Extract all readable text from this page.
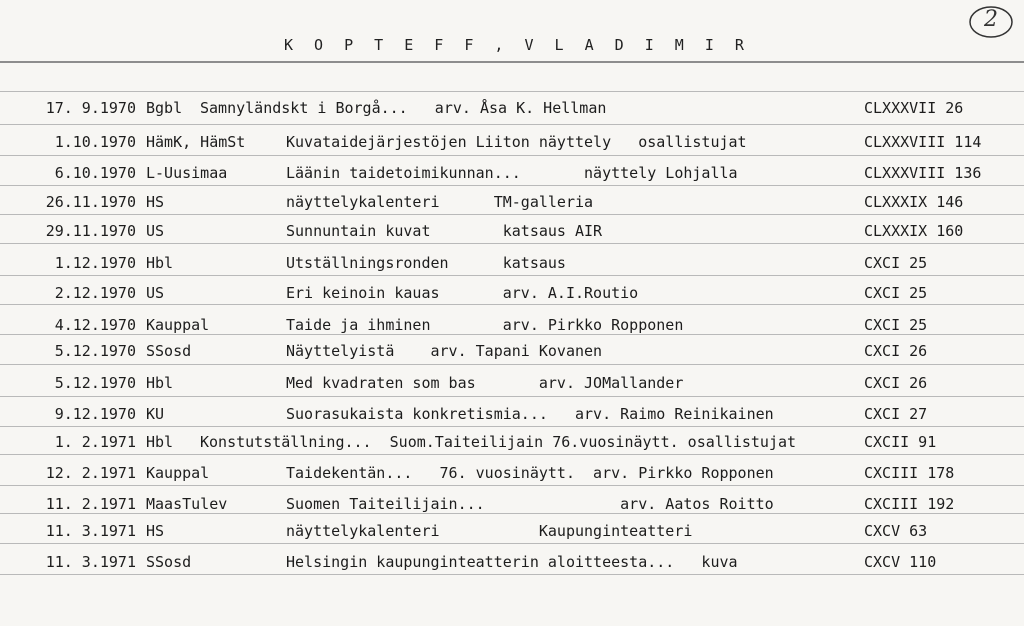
K O P T E F F , V L A D I M I R
2
17. 9.1970 Bgbl Samnyländskt i Borgå...   arv. Åsa K. Hellman	CLXXXVII 26
1.10.1970 HämK, HämSt	Kuvataidejärjestöjen Liiton näyttely   osallistujat	CLXXXVIII 114
6.10.1970 L-Uusimaa	Läänin taidetoimikunnan...       näyttely Lohjalla	CLXXXVIII 136
26.11.1970 HS	näyttelykalenteri      TM-galleria	CLXXXIX 146
29.11.1970 US	Sunnuntain kuvat        katsaus AIR	CLXXXIX 160
1.12.1970 Hbl	Utställningsronden      katsaus	CXCI 25
2.12.1970 US	Eri keinoin kauas       arv. A.I.Routio	CXCI 25
4.12.1970 Kauppal	Taide ja ihminen        arv. Pirkko Ropponen	CXCI 25
5.12.1970 SSosd	Näyttelyistä    arv. Tapani Kovanen	CXCI 26
5.12.1970 Hbl	Med kvadraten som bas       arv. JOMallander	CXCI 26
9.12.1970 KU	Suorasukaista konkretismia...   arv. Raimo Reinikainen	CXCI 27
1. 2.1971 Hbl Konstutställning...  Suom.Taiteilijain 76.vuosinäytt. osallistujat	CXCII 91
12. 2.1971 Kauppal	Taidekentän...   76. vuosinäytt.  arv. Pirkko Ropponen	CXCIII 178
11. 2.1971 MaasTulev	Suomen Taiteilijain...               arv. Aatos Roitto	CXCIII 192
11. 3.1971 HS	näyttelykalenteri           Kaupunginteatteri	CXCV 63
11. 3.1971 SSosd	Helsingin kaupunginteatterin aloitteesta...   kuva	CXCV 110
